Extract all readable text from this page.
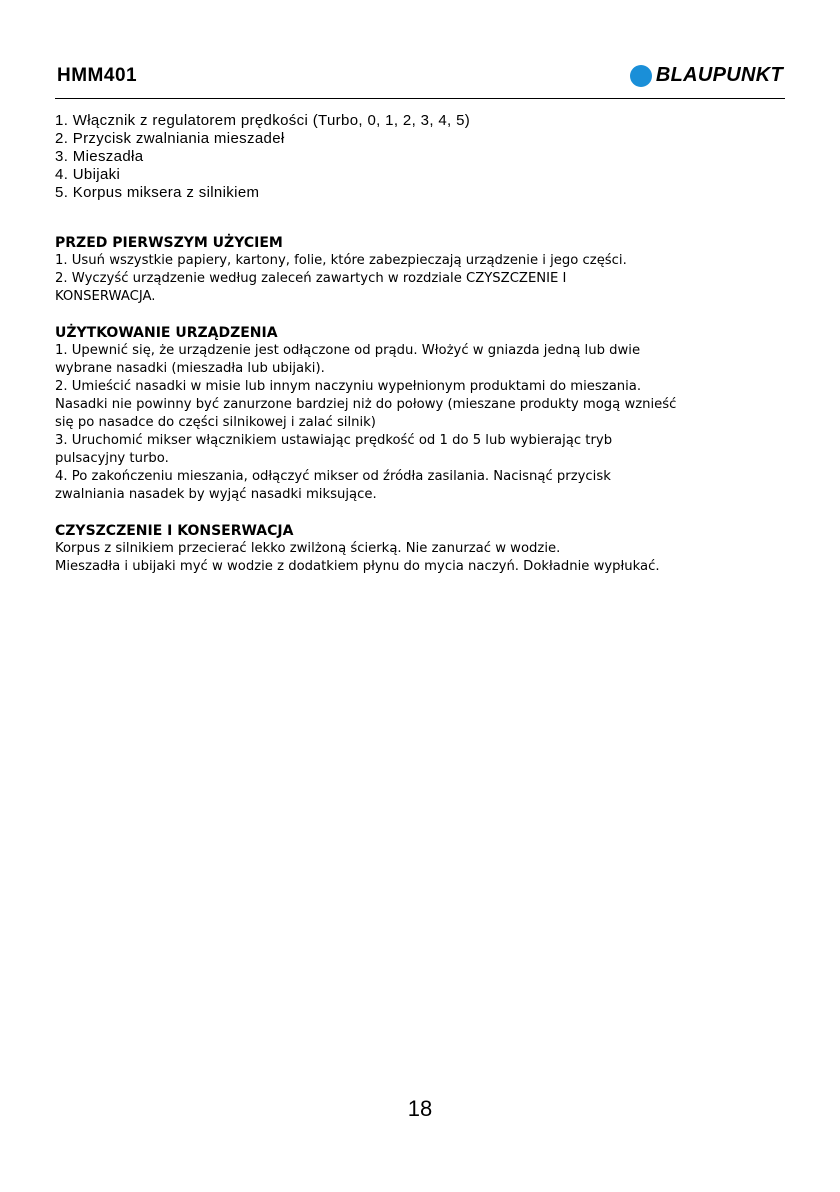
HMM401	BLAUPUNKT
1. Włącznik z regulatorem prędkości (Turbo, 0, 1, 2, 3, 4, 5)
2. Przycisk zwalniania mieszadeł
3. Mieszadła
4. Ubijaki
5. Korpus miksera z silnikiem
PRZED PIERWSZYM UŻYCIEM

1. Usuń wszystkie papiery, kartony, folie, które zabezpieczają urządzenie i jego części.

2. Wyczyść urządzenie według zaleceń zawartych w rozdziale CZYSZCZENIE I KONSERWACJA.

UŻYTKOWANIE URZĄDZENIA

1. Upewnić się, że urządzenie jest odłączone od prądu. Włożyć w gniazda jedną lub dwie wybrane nasadki (mieszadła lub ubijaki).

2. Umieścić nasadki w misie lub innym naczyniu wypełnionym produktami do mieszania. Nasadki nie powinny być zanurzone bardziej niż do połowy (mieszane produkty mogą wznieść się po nasadce do części silnikowej i zalać silnik)

3. Uruchomić mikser włącznikiem ustawiając prędkość od 1 do 5 lub wybierając tryb pulsacyjny turbo.

4. Po zakończeniu mieszania, odłączyć mikser od źródła zasilania. Nacisnąć przycisk zwalniania nasadek by wyjąć nasadki miksujące.

CZYSZCZENIE I KONSERWACJA

Korpus z silnikiem przecierać lekko zwilżoną ścierką. Nie zanurzać w wodzie.

Mieszadła i ubijaki myć w wodzie z dodatkiem płynu do mycia naczyń. Dokładnie wypłukać.

18
